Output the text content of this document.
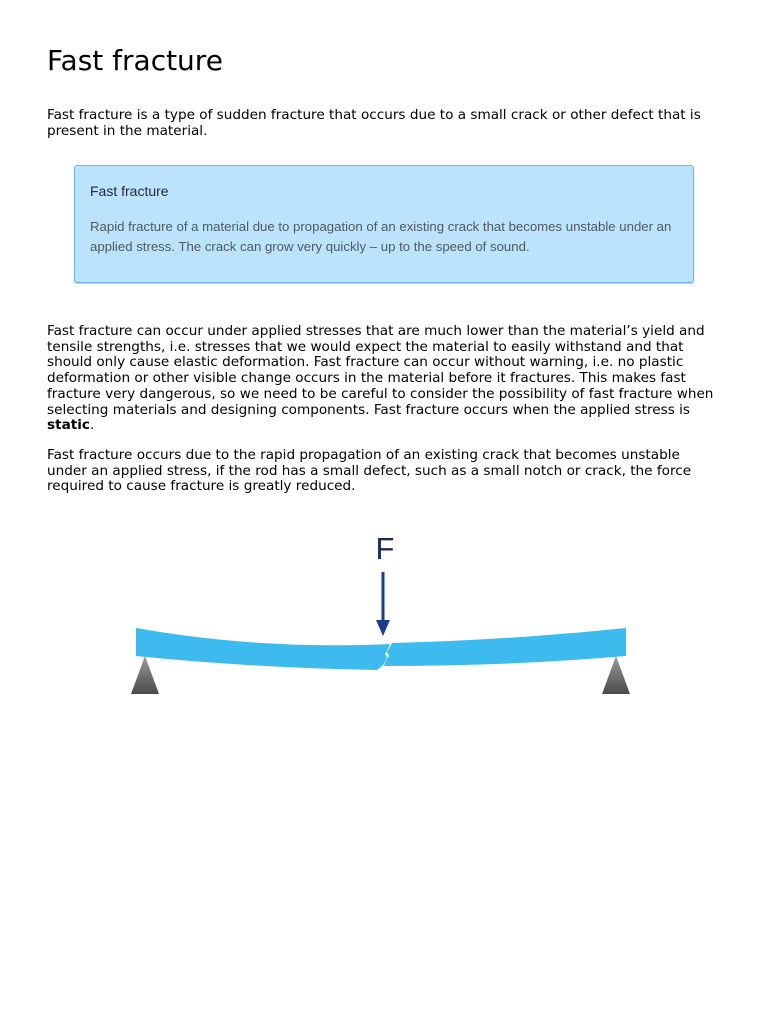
Fast fracture

Fast fracture is a type of sudden fracture that occurs due to a small crack or other defect that is present in the material.

Fast fracture

Rapid fracture of a material due to propagation of an existing crack that becomes unstable under an applied stress. The crack can grow very quickly – up to the speed of sound.

Fast fracture can occur under applied stresses that are much lower than the material’s yield and tensile strengths, i.e. stresses that we would expect the material to easily withstand and that should only cause elastic deformation. Fast fracture can occur without warning, i.e. no plastic deformation or other visible change occurs in the material before it fractures. This makes fast fracture very dangerous, so we need to be careful to consider the possibility of fast fracture when selecting materials and designing components. Fast fracture occurs when the applied stress is static.

Fast fracture occurs due to the rapid propagation of an existing crack that becomes unstable under an applied stress, if the rod has a small defect, such as a small notch or crack, the force required to cause fracture is greatly reduced.

F
